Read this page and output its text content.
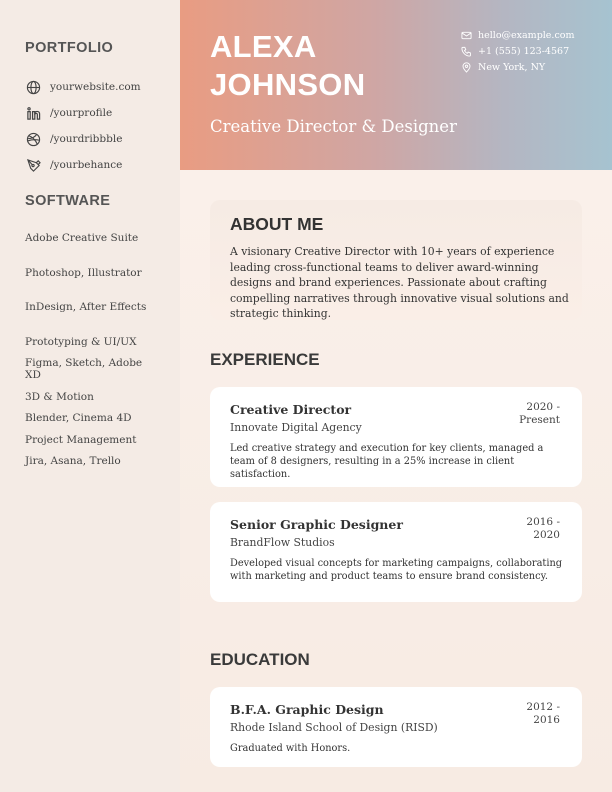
PORTFOLIO
yourwebsite.com
/yourprofile
/yourdribbble
/yourbehance
SOFTWARE
Adobe Creative Suite
Photoshop, Illustrator
InDesign, After Effects
Prototyping & UI/UX
Figma, Sketch, Adobe XD
3D & Motion
Blender, Cinema 4D
Project Management
Jira, Asana, Trello
ALEXA JOHNSON
Creative Director & Designer
hello@example.com
+1 (555) 123-4567
New York, NY
ABOUT ME
A visionary Creative Director with 10+ years of experience leading cross-functional teams to deliver award-winning designs and brand experiences. Passionate about crafting compelling narratives through innovative visual solutions and strategic thinking.
EXPERIENCE
Creative Director
Innovate Digital Agency
2020 - Present
Led creative strategy and execution for key clients, managed a team of 8 designers, resulting in a 25% increase in client satisfaction.
Senior Graphic Designer
BrandFlow Studios
2016 - 2020
Developed visual concepts for marketing campaigns, collaborating with marketing and product teams to ensure brand consistency.
EDUCATION
B.F.A. Graphic Design
Rhode Island School of Design (RISD)
2012 - 2016
Graduated with Honors.
